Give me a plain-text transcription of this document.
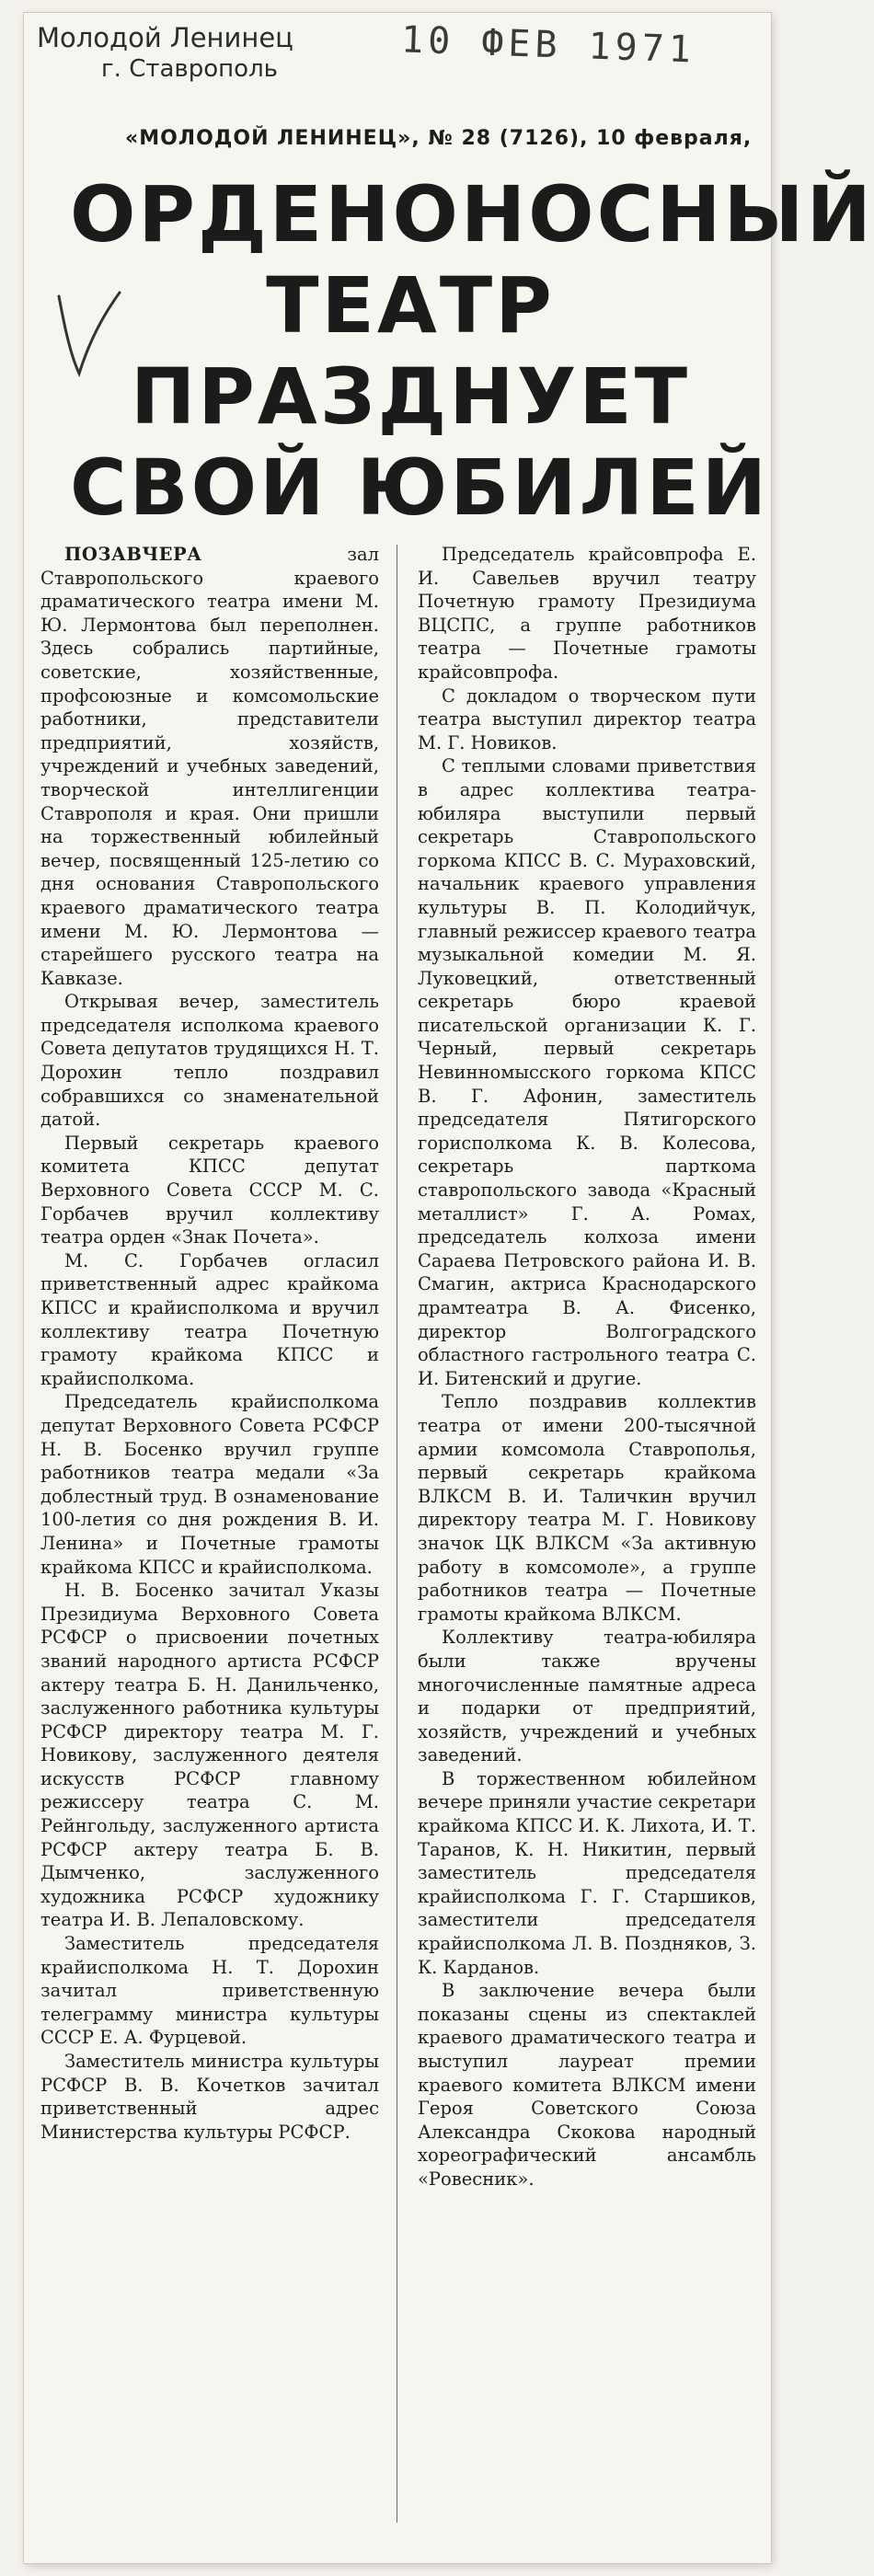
Молодой Ленинец
г. Ставрополь	10 ФЕВ 1971
«МОЛОДОЙ ЛЕНИНЕЦ», № 28 (7126), 10 февраля,
ОРДЕНОНОСНЫЙ
ТЕАТР
ПРАЗДНУЕТ
СВОЙ ЮБИЛЕЙ

ПОЗАВЧЕРА зал Ставропольского краевого драматического театра имени М. Ю. Лермонтова был переполнен. Здесь собрались партийные, советские, хозяйственные, профсоюзные и комсомольские работники, представители предприятий, хозяйств, учреждений и учебных заведений, творческой интеллигенции Ставрополя и края. Они пришли на торжественный юбилейный вечер, посвященный 125-летию со дня основания Ставропольского краевого драматического театра имени М. Ю. Лермонтова — старейшего русского театра на Кавказе.

Открывая вечер, заместитель председателя исполкома краевого Совета депутатов трудящихся Н. Т. Дорохин тепло поздравил собравшихся со знаменательной датой.

Первый секретарь краевого комитета КПСС депутат Верховного Совета СССР М. С. Горбачев вручил коллективу театра орден «Знак Почета».

М. С. Горбачев огласил приветственный адрес крайкома КПСС и крайисполкома и вручил коллективу театра Почетную грамоту крайкома КПСС и крайисполкома.

Председатель крайисполкома депутат Верховного Совета РСФСР Н. В. Босенко вручил группе работников театра медали «За доблестный труд. В ознаменование 100-летия со дня рождения В. И. Ленина» и Почетные грамоты крайкома КПСС и крайисполкома.

Н. В. Босенко зачитал Указы Президиума Верховного Совета РСФСР о присвоении почетных званий народного артиста РСФСР актеру театра Б. Н. Данильченко, заслуженного работника культуры РСФСР директору театра М. Г. Новикову, заслуженного деятеля искусств РСФСР главному режиссеру театра С. М. Рейнгольду, заслуженного артиста РСФСР актеру театра Б. В. Дымченко, заслуженного художника РСФСР художнику театра И. В. Лепаловскому.

Заместитель председателя крайисполкома Н. Т. Дорохин зачитал приветственную телеграмму министра культуры СССР Е. А. Фурцевой.

Заместитель министра культуры РСФСР В. В. Кочетков зачитал приветственный адрес Министерства культуры РСФСР.

Председатель крайсовпрофа Е. И. Савельев вручил театру Почетную грамоту Президиума ВЦСПС, а группе работников театра — Почетные грамоты крайсовпрофа.

С докладом о творческом пути театра выступил директор театра М. Г. Новиков.

С теплыми словами приветствия в адрес коллектива театра-юбиляра выступили первый секретарь Ставропольского горкома КПСС В. С. Мураховский, начальник краевого управления культуры В. П. Колодийчук, главный режиссер краевого театра музыкальной комедии М. Я. Луковецкий, ответственный секретарь бюро краевой писательской организации К. Г. Черный, первый секретарь Невинномысского горкома КПСС В. Г. Афонин, заместитель председателя Пятигорского горисполкома К. В. Колесова, секретарь парткома ставропольского завода «Красный металлист» Г. А. Ромах, председатель колхоза имени Сараева Петровского района И. В. Смагин, актриса Краснодарского драмтеатра В. А. Фисенко, директор Волгоградского областного гастрольного театра С. И. Битенский и другие.

Тепло поздравив коллектив театра от имени 200-тысячной армии комсомола Ставрополья, первый секретарь крайкома ВЛКСМ В. И. Таличкин вручил директору театра М. Г. Новикову значок ЦК ВЛКСМ «За активную работу в комсомоле», а группе работников театра — Почетные грамоты крайкома ВЛКСМ.

Коллективу театра-юбиляра были также вручены многочисленные памятные адреса и подарки от предприятий, хозяйств, учреждений и учебных заведений.

В торжественном юбилейном вечере приняли участие секретари крайкома КПСС И. К. Лихота, И. Т. Таранов, К. Н. Никитин, первый заместитель председателя крайисполкома Г. Г. Старшиков, заместители председателя крайисполкома Л. В. Поздняков, З. К. Карданов.

В заключение вечера были показаны сцены из спектаклей краевого драматического театра и выступил лауреат премии краевого комитета ВЛКСМ имени Героя Советского Союза Александра Скокова народный хореографический ансамбль «Ровесник».
